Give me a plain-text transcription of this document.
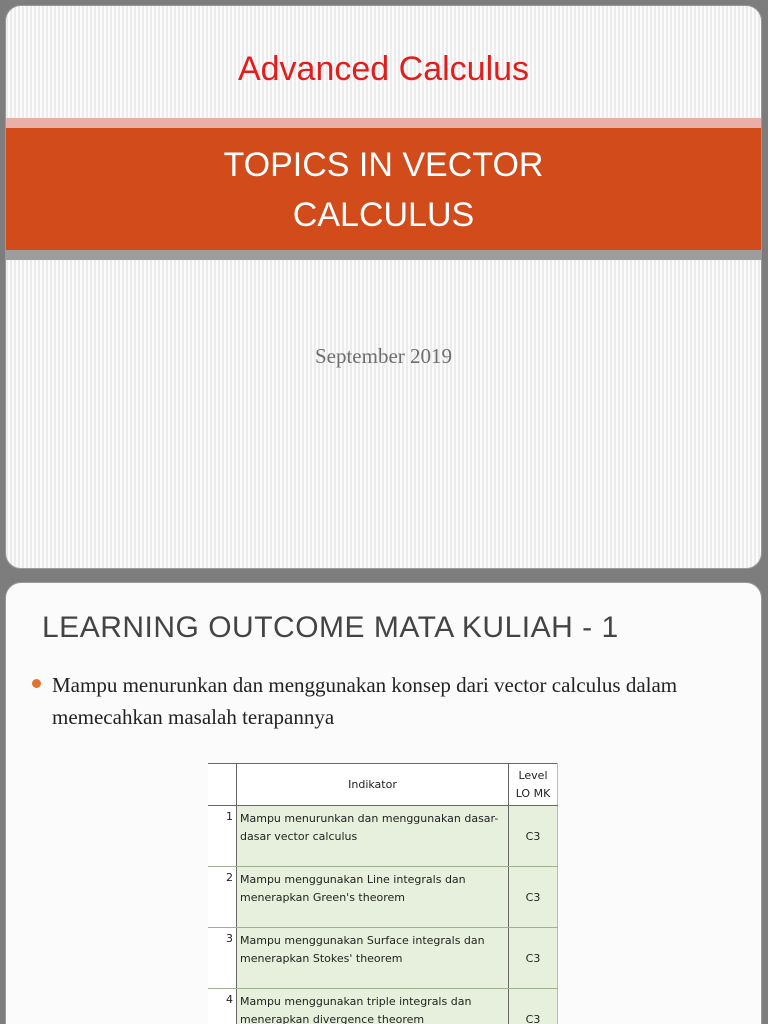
Advanced Calculus
TOPICS IN VECTOR
CALCULUS
September 2019
LEARNING OUTCOME MATA KULIAH - 1
Mampu menurunkan dan menggunakan konsep dari vector calculus dalam memecahkan masalah terapannya
	Indikator	Level LO MK
1	Mampu menurunkan dan menggunakan dasar-dasar vector calculus	C3
2	Mampu menggunakan Line integrals dan menerapkan Green's theorem	C3
3	Mampu menggunakan Surface integrals dan menerapkan Stokes' theorem	C3
4	Mampu menggunakan triple integrals dan menerapkan divergence theorem	C3
